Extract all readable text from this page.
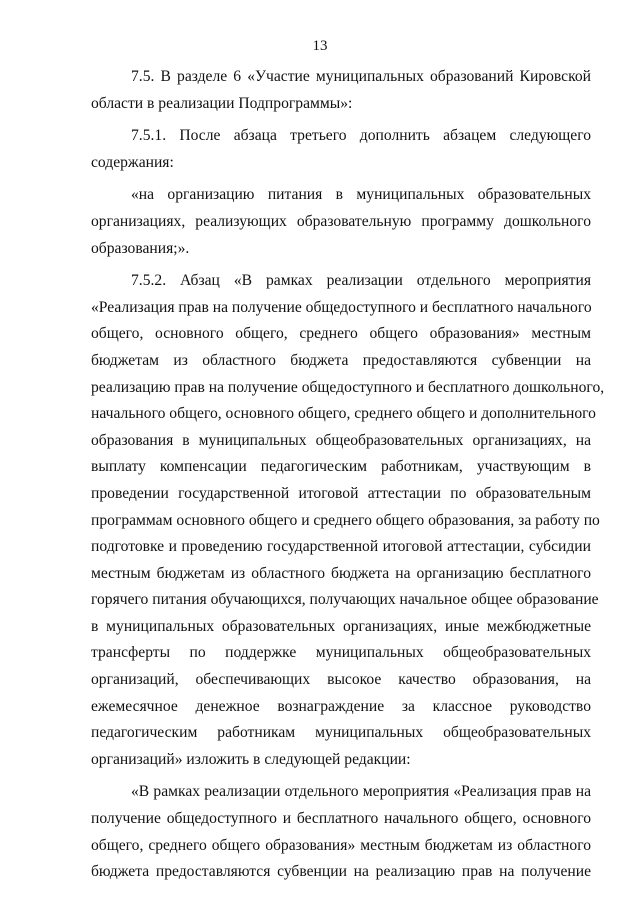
13
7.5. В разделе 6 «Участие муниципальных образований Кировской
области в реализации Подпрограммы»:
7.5.1. После абзаца третьего дополнить абзацем следующего
содержания:
«на организацию питания в муниципальных образовательных
организациях, реализующих образовательную программу дошкольного
образования;».
7.5.2. Абзац «В рамках реализации отдельного мероприятия
«Реализация прав на получение общедоступного и бесплатного начального
общего, основного общего, среднего общего образования» местным
бюджетам из областного бюджета предоставляются субвенции на
реализацию прав на получение общедоступного и бесплатного дошкольного,
начального общего, основного общего, среднего общего и дополнительного
образования в муниципальных общеобразовательных организациях, на
выплату компенсации педагогическим работникам, участвующим в
проведении государственной итоговой аттестации по образовательным
программам основного общего и среднего общего образования, за работу по
подготовке и проведению государственной итоговой аттестации, субсидии
местным бюджетам из областного бюджета на организацию бесплатного
горячего питания обучающихся, получающих начальное общее образование
в муниципальных образовательных организациях, иные межбюджетные
трансферты по поддержке муниципальных общеобразовательных
организаций, обеспечивающих высокое качество образования, на
ежемесячное денежное вознаграждение за классное руководство
педагогическим работникам муниципальных общеобразовательных
организаций» изложить в следующей редакции:
«В рамках реализации отдельного мероприятия «Реализация прав на
получение общедоступного и бесплатного начального общего, основного
общего, среднего общего образования» местным бюджетам из областного
бюджета предоставляются субвенции на реализацию прав на получение
